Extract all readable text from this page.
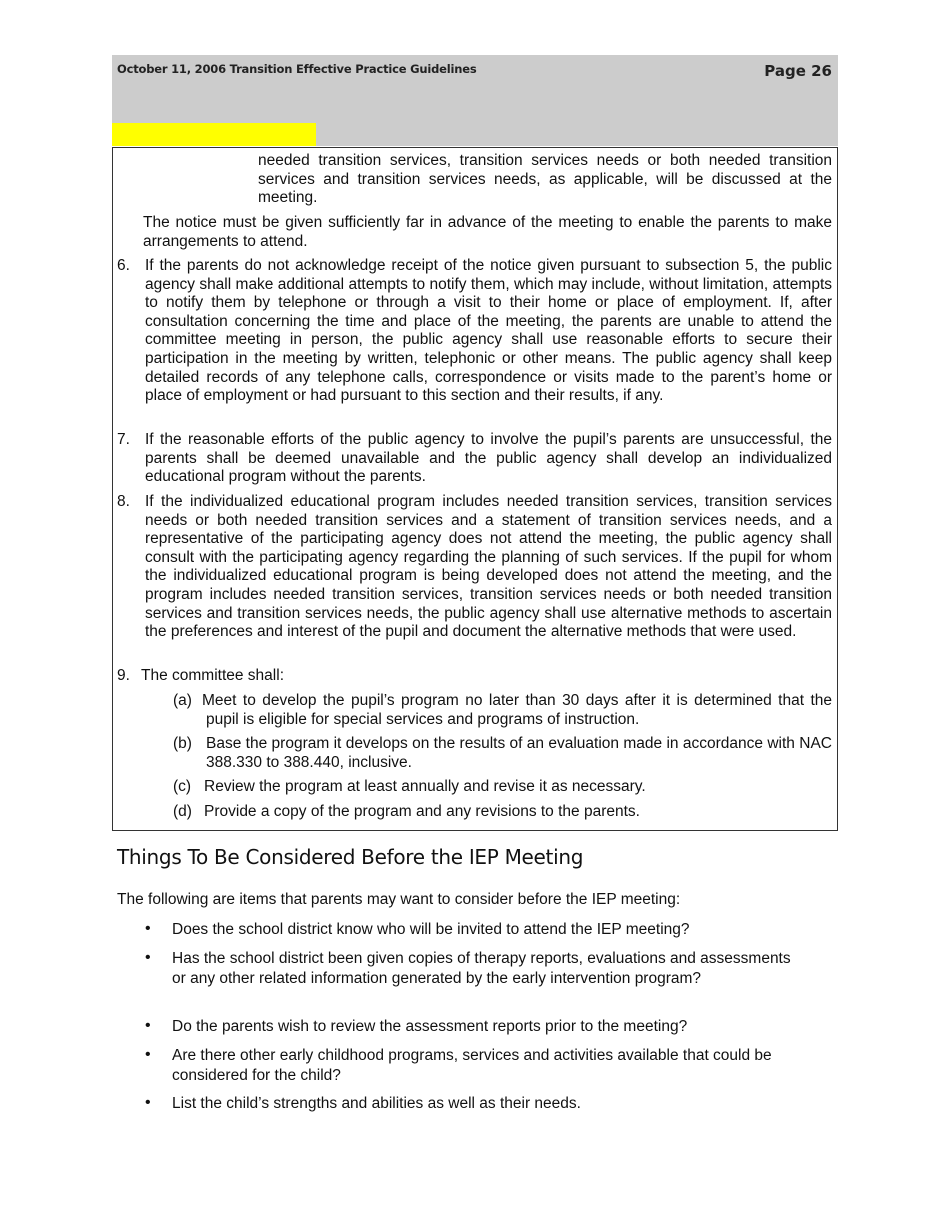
October 11, 2006 Transition Effective Practice Guidelines	Page 26
needed transition services, transition services needs or both needed transition services and transition services needs, as applicable, will be discussed at the meeting.
The notice must be given sufficiently far in advance of the meeting to enable the parents to make arrangements to attend.
6. If the parents do not acknowledge receipt of the notice given pursuant to subsection 5, the public agency shall make additional attempts to notify them, which may include, without limitation, attempts to notify them by telephone or through a visit to their home or place of employment. If, after consultation concerning the time and place of the meeting, the parents are unable to attend the committee meeting in person, the public agency shall use reasonable efforts to secure their participation in the meeting by written, telephonic or other means. The public agency shall keep detailed records of any telephone calls, correspondence or visits made to the parent’s home or place of employment or had pursuant to this section and their results, if any.
7. If the reasonable efforts of the public agency to involve the pupil’s parents are unsuccessful, the parents shall be deemed unavailable and the public agency shall develop an individualized educational program without the parents.
8. If the individualized educational program includes needed transition services, transition services needs or both needed transition services and a statement of transition services needs, and a representative of the participating agency does not attend the meeting, the public agency shall consult with the participating agency regarding the planning of such services. If the pupil for whom the individualized educational program is being developed does not attend the meeting, and the program includes needed transition services, transition services needs or both needed transition services and transition services needs, the public agency shall use alternative methods to ascertain the preferences and interest of the pupil and document the alternative methods that were used.
9. The committee shall:
(a) Meet to develop the pupil’s program no later than 30 days after it is determined that the pupil is eligible for special services and programs of instruction.
(b) Base the program it develops on the results of an evaluation made in accordance with NAC 388.330 to 388.440, inclusive.
(c) Review the program at least annually and revise it as necessary.
(d) Provide a copy of the program and any revisions to the parents.
Things To Be Considered Before the IEP Meeting
The following are items that parents may want to consider before the IEP meeting:
• Does the school district know who will be invited to attend the IEP meeting?
• Has the school district been given copies of therapy reports, evaluations and assessments or any other related information generated by the early intervention program?
• Do the parents wish to review the assessment reports prior to the meeting?
• Are there other early childhood programs, services and activities available that could be considered for the child?
• List the child’s strengths and abilities as well as their needs.
